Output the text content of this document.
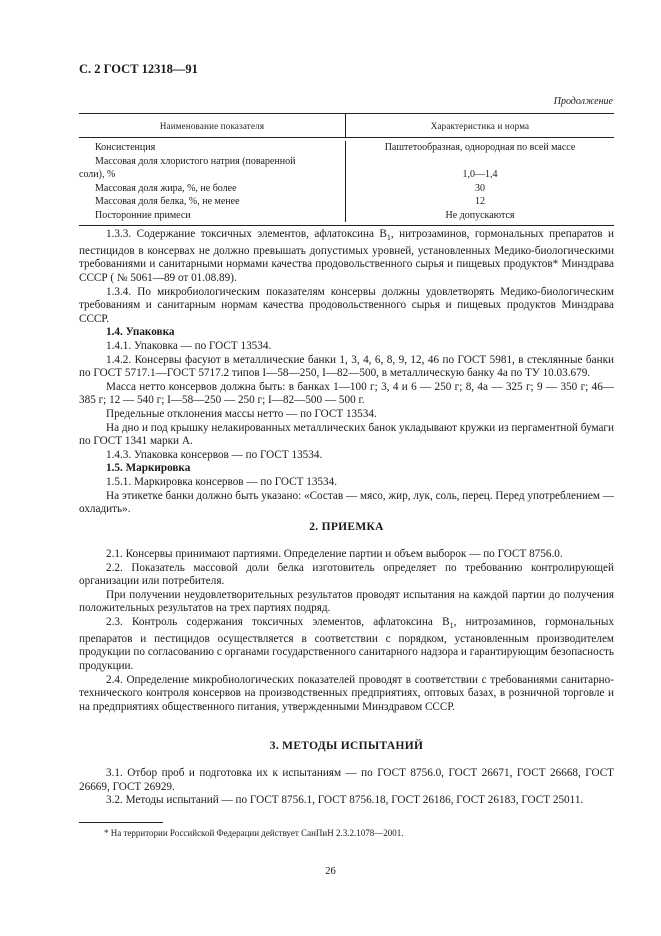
С. 2 ГОСТ 12318—91
Продолжение
Наименование показателя	Характеристика и норма
Консистенция	Паштетообразная, однородная по всей массе
Массовая доля хлористого натрия (поваренной
соли), %	1,0—1,4
Массовая доля жира, %, не более	30
Массовая доля белка, %, не менее	12
Посторонние примеси	Не допускаются

1.3.3. Содержание токсичных элементов, афлатоксина $B_1$, нитрозаминов, гормональных препаратов и пестицидов в консервах не должно превышать допустимых уровней, установленных Медико-биологическими требованиями и санитарными нормами качества продовольственного сырья и пищевых продуктов* Минздрава СССР ( № 5061—89 от 01.08.89).

1.3.4. По микробиологическим показателям консервы должны удовлетворять Медико-биологическим требованиям и санитарным нормам качества продовольственного сырья и пищевых продуктов Минздрава СССР.

1.4. Упаковка

1.4.1. Упаковка — по ГОСТ 13534.

1.4.2. Консервы фасуют в металлические банки 1, 3, 4, 6, 8, 9, 12, 46 по ГОСТ 5981, в стеклянные банки по ГОСТ 5717.1—ГОСТ 5717.2 типов I—58—250, I—82—500, в металлическую банку 4а по ТУ 10.03.679.

Масса нетто консервов должна быть: в банках 1—100 г; 3, 4 и 6 — 250 г; 8, 4а — 325 г; 9 — 350 г; 46—385 г; 12 — 540 г; I—58—250 — 250 г; I—82—500 — 500 г.

Предельные отклонения массы нетто — по ГОСТ 13534.

На дно и под крышку нелакированных металлических банок укладывают кружки из пергаментной бумаги по ГОСТ 1341 марки А.

1.4.3. Упаковка консервов — по ГОСТ 13534.

1.5. Маркировка

1.5.1. Маркировка консервов — по ГОСТ 13534.

На этикетке банки должно быть указано: «Состав — мясо, жир, лук, соль, перец. Перед употреблением — охладить».

2. ПРИЕМКА

2.1. Консервы принимают партиями. Определение партии и объем выборок — по ГОСТ 8756.0.

2.2. Показатель массовой доли белка изготовитель определяет по требованию контролирующей организации или потребителя.

При получении неудовлетворительных результатов проводят испытания на каждой партии до получения положительных результатов на трех партиях подряд.

2.3. Контроль содержания токсичных элементов, афлатоксина $B_1$, нитрозаминов, гормональных препаратов и пестицидов осуществляется в соответствии с порядком, установленным производителем продукции по согласованию с органами государственного санитарного надзора и гарантирующим безопасность продукции.

2.4. Определение микробиологических показателей проводят в соответствии с требованиями санитарно-технического контроля консервов на производственных предприятиях, оптовых базах, в розничной торговле и на предприятиях общественного питания, утвержденными Минздравом СССР.

3. МЕТОДЫ ИСПЫТАНИЙ

3.1. Отбор проб и подготовка их к испытаниям — по ГОСТ 8756.0, ГОСТ 26671, ГОСТ 26668, ГОСТ 26669, ГОСТ 26929.

3.2. Методы испытаний — по ГОСТ 8756.1, ГОСТ 8756.18, ГОСТ 26186, ГОСТ 26183, ГОСТ 25011.

* На территории Российской Федерации действует СанПиН 2.3.2.1078—2001.
26
